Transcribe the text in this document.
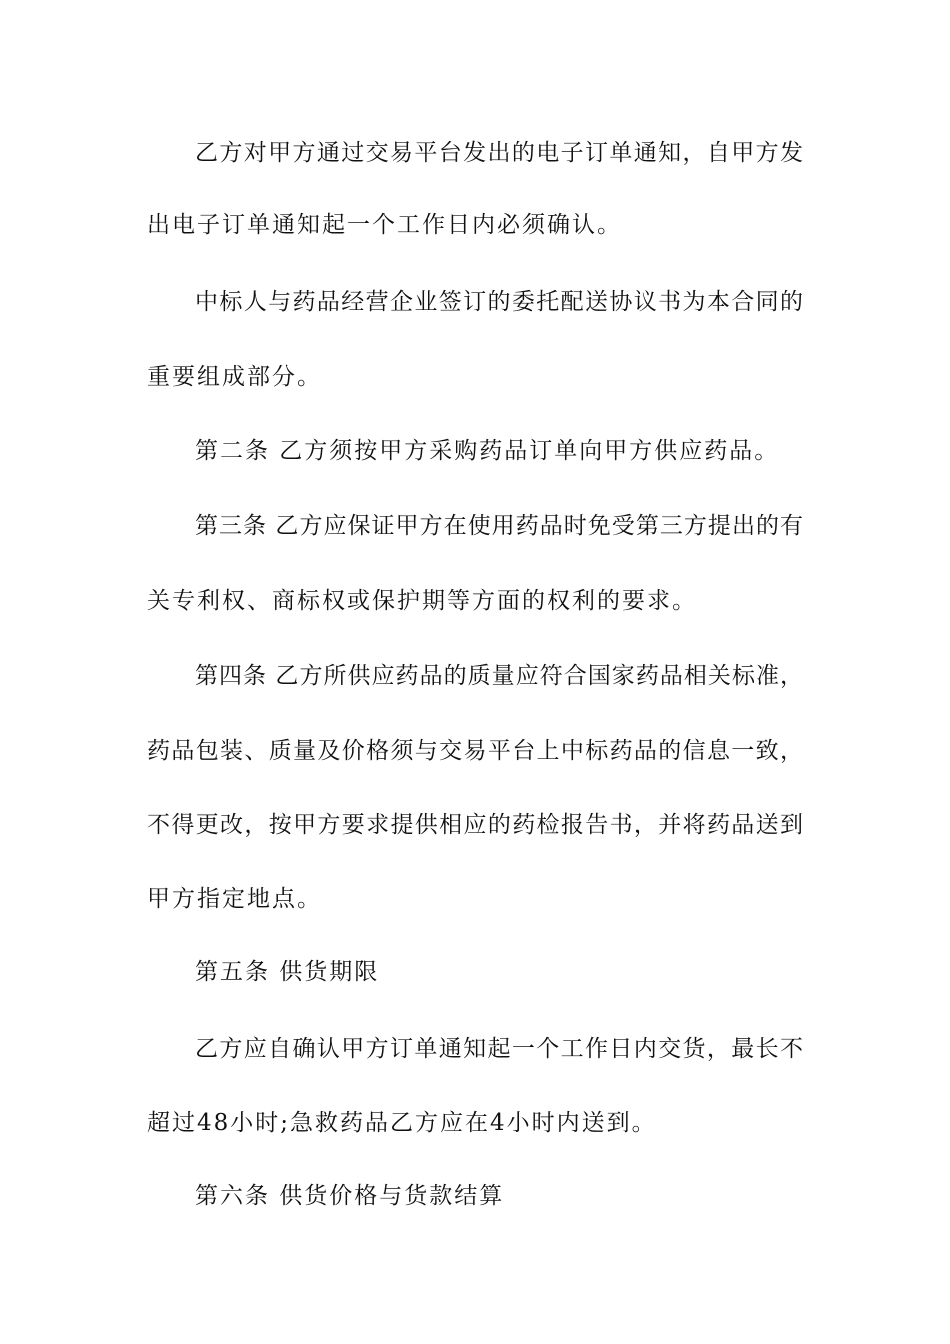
乙方对甲方通过交易平台发出的电子订单通知，自甲方发
出电子订单通知起一个工作日内必须确认。
中标人与药品经营企业签订的委托配送协议书为本合同的
重要组成部分。
第二条 乙方须按甲方采购药品订单向甲方供应药品。
第三条 乙方应保证甲方在使用药品时免受第三方提出的有
关专利权、商标权或保护期等方面的权利的要求。
第四条 乙方所供应药品的质量应符合国家药品相关标准，
药品包装、质量及价格须与交易平台上中标药品的信息一致，
不得更改，按甲方要求提供相应的药检报告书，并将药品送到
甲方指定地点。
第五条 供货期限
乙方应自确认甲方订单通知起一个工作日内交货，最长不
超过48小时;急救药品乙方应在4小时内送到。
第六条 供货价格与货款结算
